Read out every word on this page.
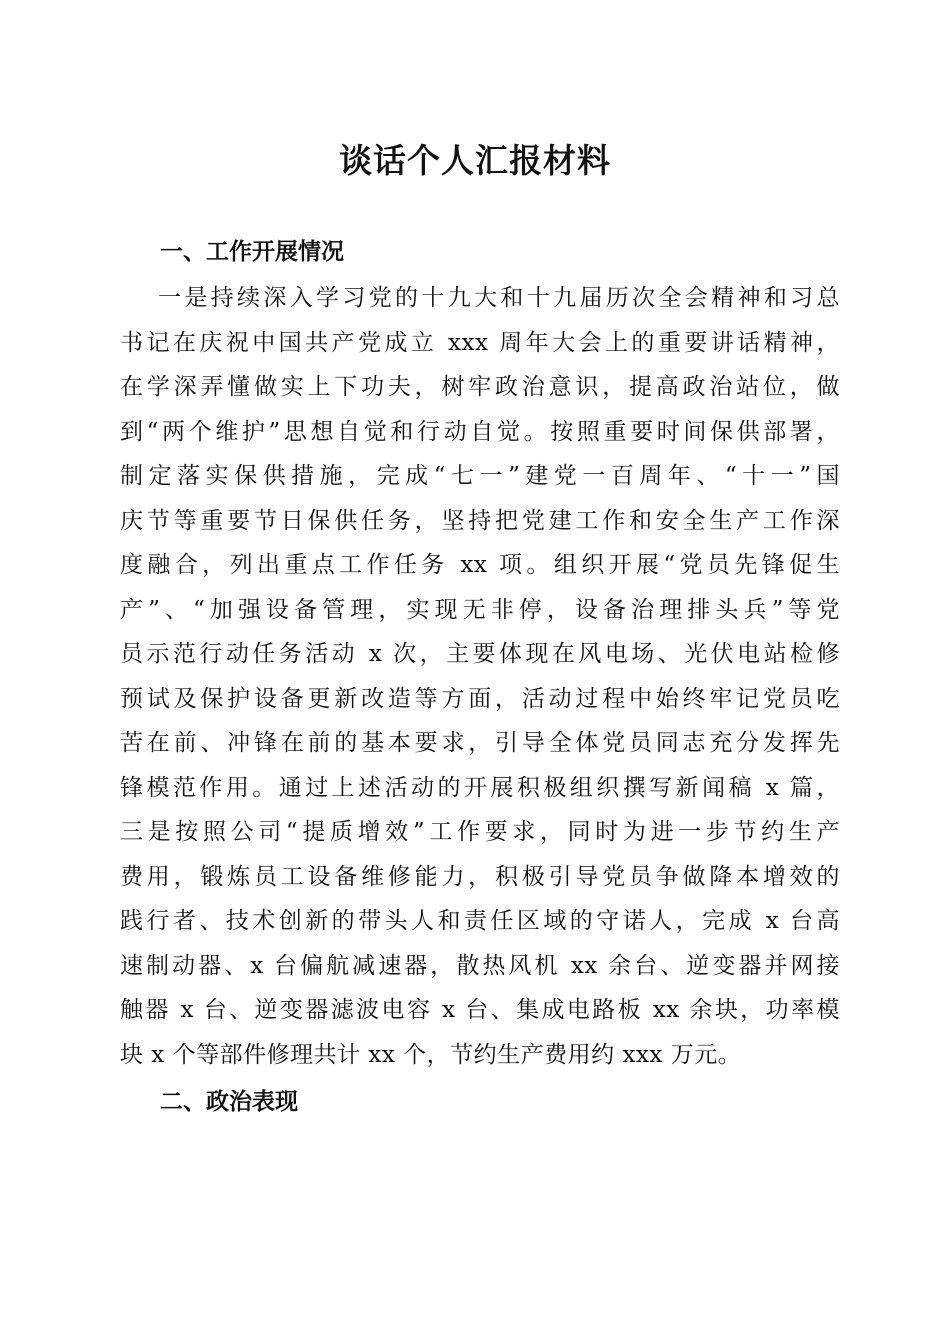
谈话个人汇报材料
一、工作开展情况
一是持续深入学习党的十九大和十九届历次全会精神和习总
书记在庆祝中国共产党成立 xxx 周年大会上的重要讲话精神，
在学深弄懂做实上下功夫，树牢政治意识，提高政治站位，做
到“两个维护”思想自觉和行动自觉。按照重要时间保供部署，
制定落实保供措施，完成“七一”建党一百周年、“十一”国
庆节等重要节日保供任务，坚持把党建工作和安全生产工作深
度融合，列出重点工作任务 xx 项。组织开展“党员先锋促生
产”、“加强设备管理，实现无非停，设备治理排头兵”等党
员示范行动任务活动 x 次，主要体现在风电场、光伏电站检修
预试及保护设备更新改造等方面，活动过程中始终牢记党员吃
苦在前、冲锋在前的基本要求，引导全体党员同志充分发挥先
锋模范作用。通过上述活动的开展积极组织撰写新闻稿 x 篇，
三是按照公司“提质增效”工作要求，同时为进一步节约生产
费用，锻炼员工设备维修能力，积极引导党员争做降本增效的
践行者、技术创新的带头人和责任区域的守诺人，完成 x 台高
速制动器、x 台偏航减速器，散热风机 xx 余台、逆变器并网接
触器 x 台、逆变器滤波电容 x 台、集成电路板 xx 余块，功率模
块 x 个等部件修理共计 xx 个，节约生产费用约 xxx 万元。
二、政治表现
